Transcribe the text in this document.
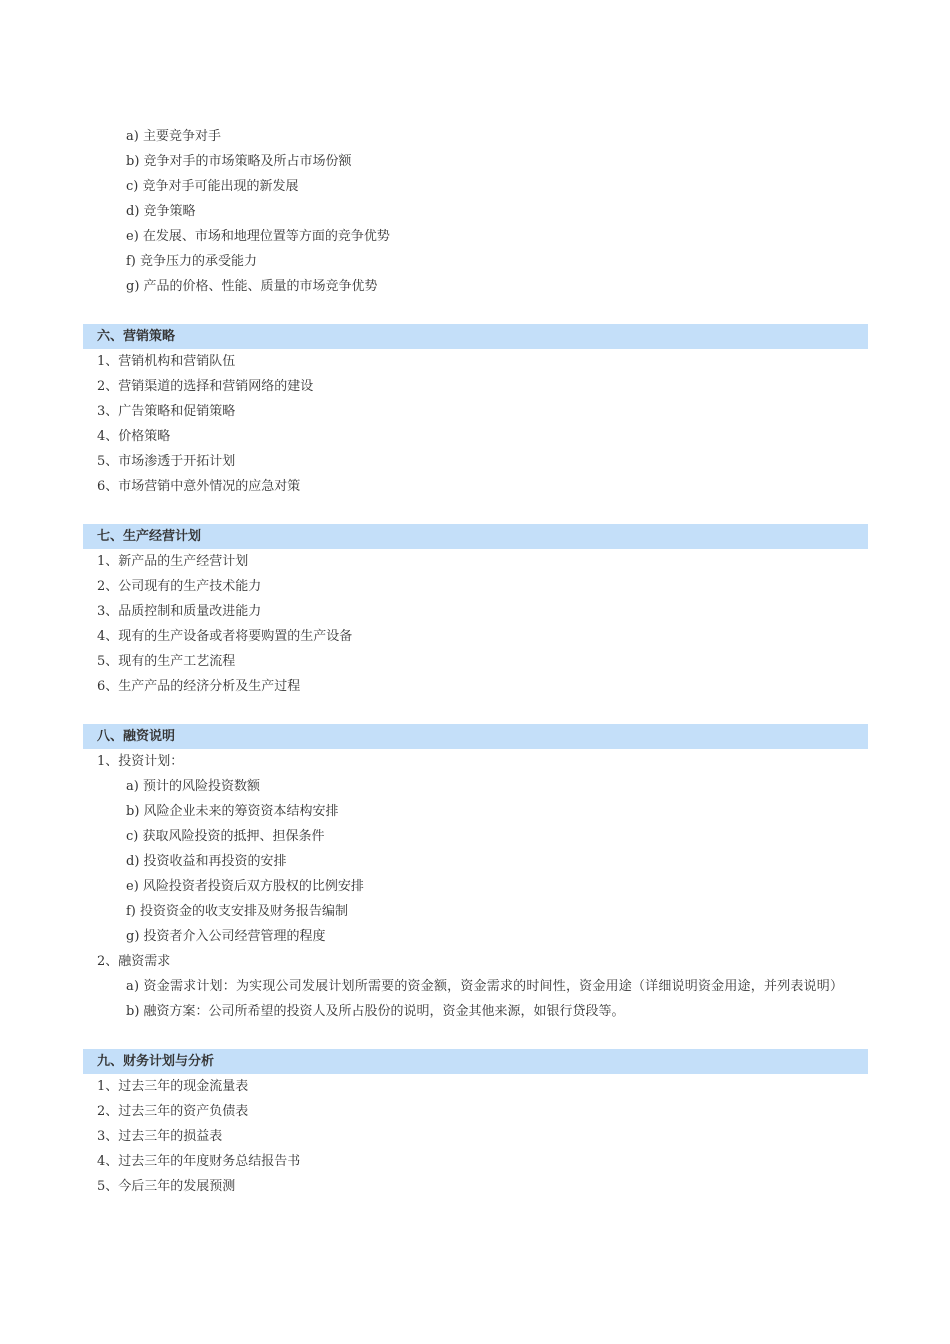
a) 主要竞争对手
b) 竞争对手的市场策略及所占市场份额
c) 竞争对手可能出现的新发展
d) 竞争策略
e) 在发展、市场和地理位置等方面的竞争优势
f) 竞争压力的承受能力
g) 产品的价格、性能、质量的市场竞争优势
六、营销策略
1、营销机构和营销队伍
2、营销渠道的选择和营销网络的建设
3、广告策略和促销策略
4、价格策略
5、市场渗透于开拓计划
6、市场营销中意外情况的应急对策
七、生产经营计划
1、新产品的生产经营计划
2、公司现有的生产技术能力
3、品质控制和质量改进能力
4、现有的生产设备或者将要购置的生产设备
5、现有的生产工艺流程
6、生产产品的经济分析及生产过程
八、融资说明
1、投资计划：
a) 预计的风险投资数额
b) 风险企业未来的筹资资本结构安排
c) 获取风险投资的抵押、担保条件
d) 投资收益和再投资的安排
e) 风险投资者投资后双方股权的比例安排
f) 投资资金的收支安排及财务报告编制
g) 投资者介入公司经营管理的程度
2、融资需求
a) 资金需求计划：为实现公司发展计划所需要的资金额，资金需求的时间性，资金用途（详细说明资金用途，并列表说明）
b) 融资方案：公司所希望的投资人及所占股份的说明，资金其他来源，如银行贷段等。
九、财务计划与分析
1、过去三年的现金流量表
2、过去三年的资产负债表
3、过去三年的损益表
4、过去三年的年度财务总结报告书
5、今后三年的发展预测
